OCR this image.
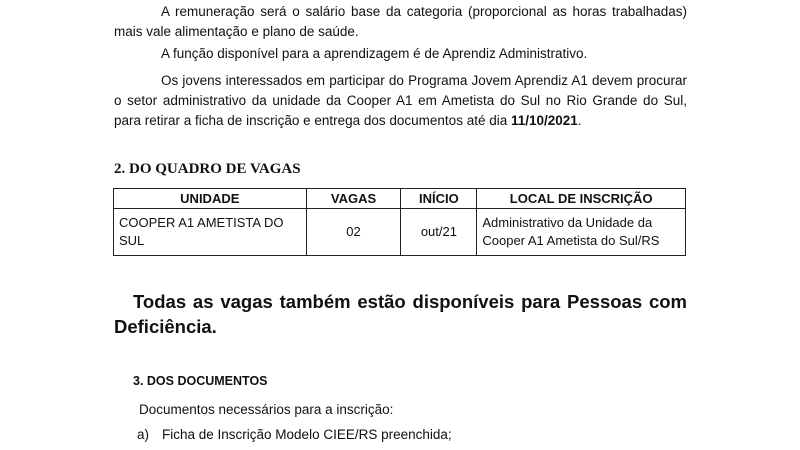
A remuneração será o salário base da categoria (proporcional as horas trabalhadas) mais vale alimentação e plano de saúde.

A função disponível para a aprendizagem é de Aprendiz Administrativo.

Os jovens interessados em participar do Programa Jovem Aprendiz A1 devem procurar o setor administrativo da unidade da Cooper A1 em Ametista do Sul no Rio Grande do Sul, para retirar a ficha de inscrição e entrega dos documentos até dia 11/10/2021.

2. DO QUADRO DE VAGAS
UNIDADE	VAGAS	INÍCIO	LOCAL DE INSCRIÇÃO
COOPER A1 AMETISTA DO SUL	02	out/21	Administrativo da Unidade da Cooper A1 Ametista do Sul/RS

Todas as vagas também estão disponíveis para Pessoas com Deficiência.

3. DOS DOCUMENTOS

Documentos necessários para a inscrição:

a) Ficha de Inscrição Modelo CIEE/RS preenchida;
